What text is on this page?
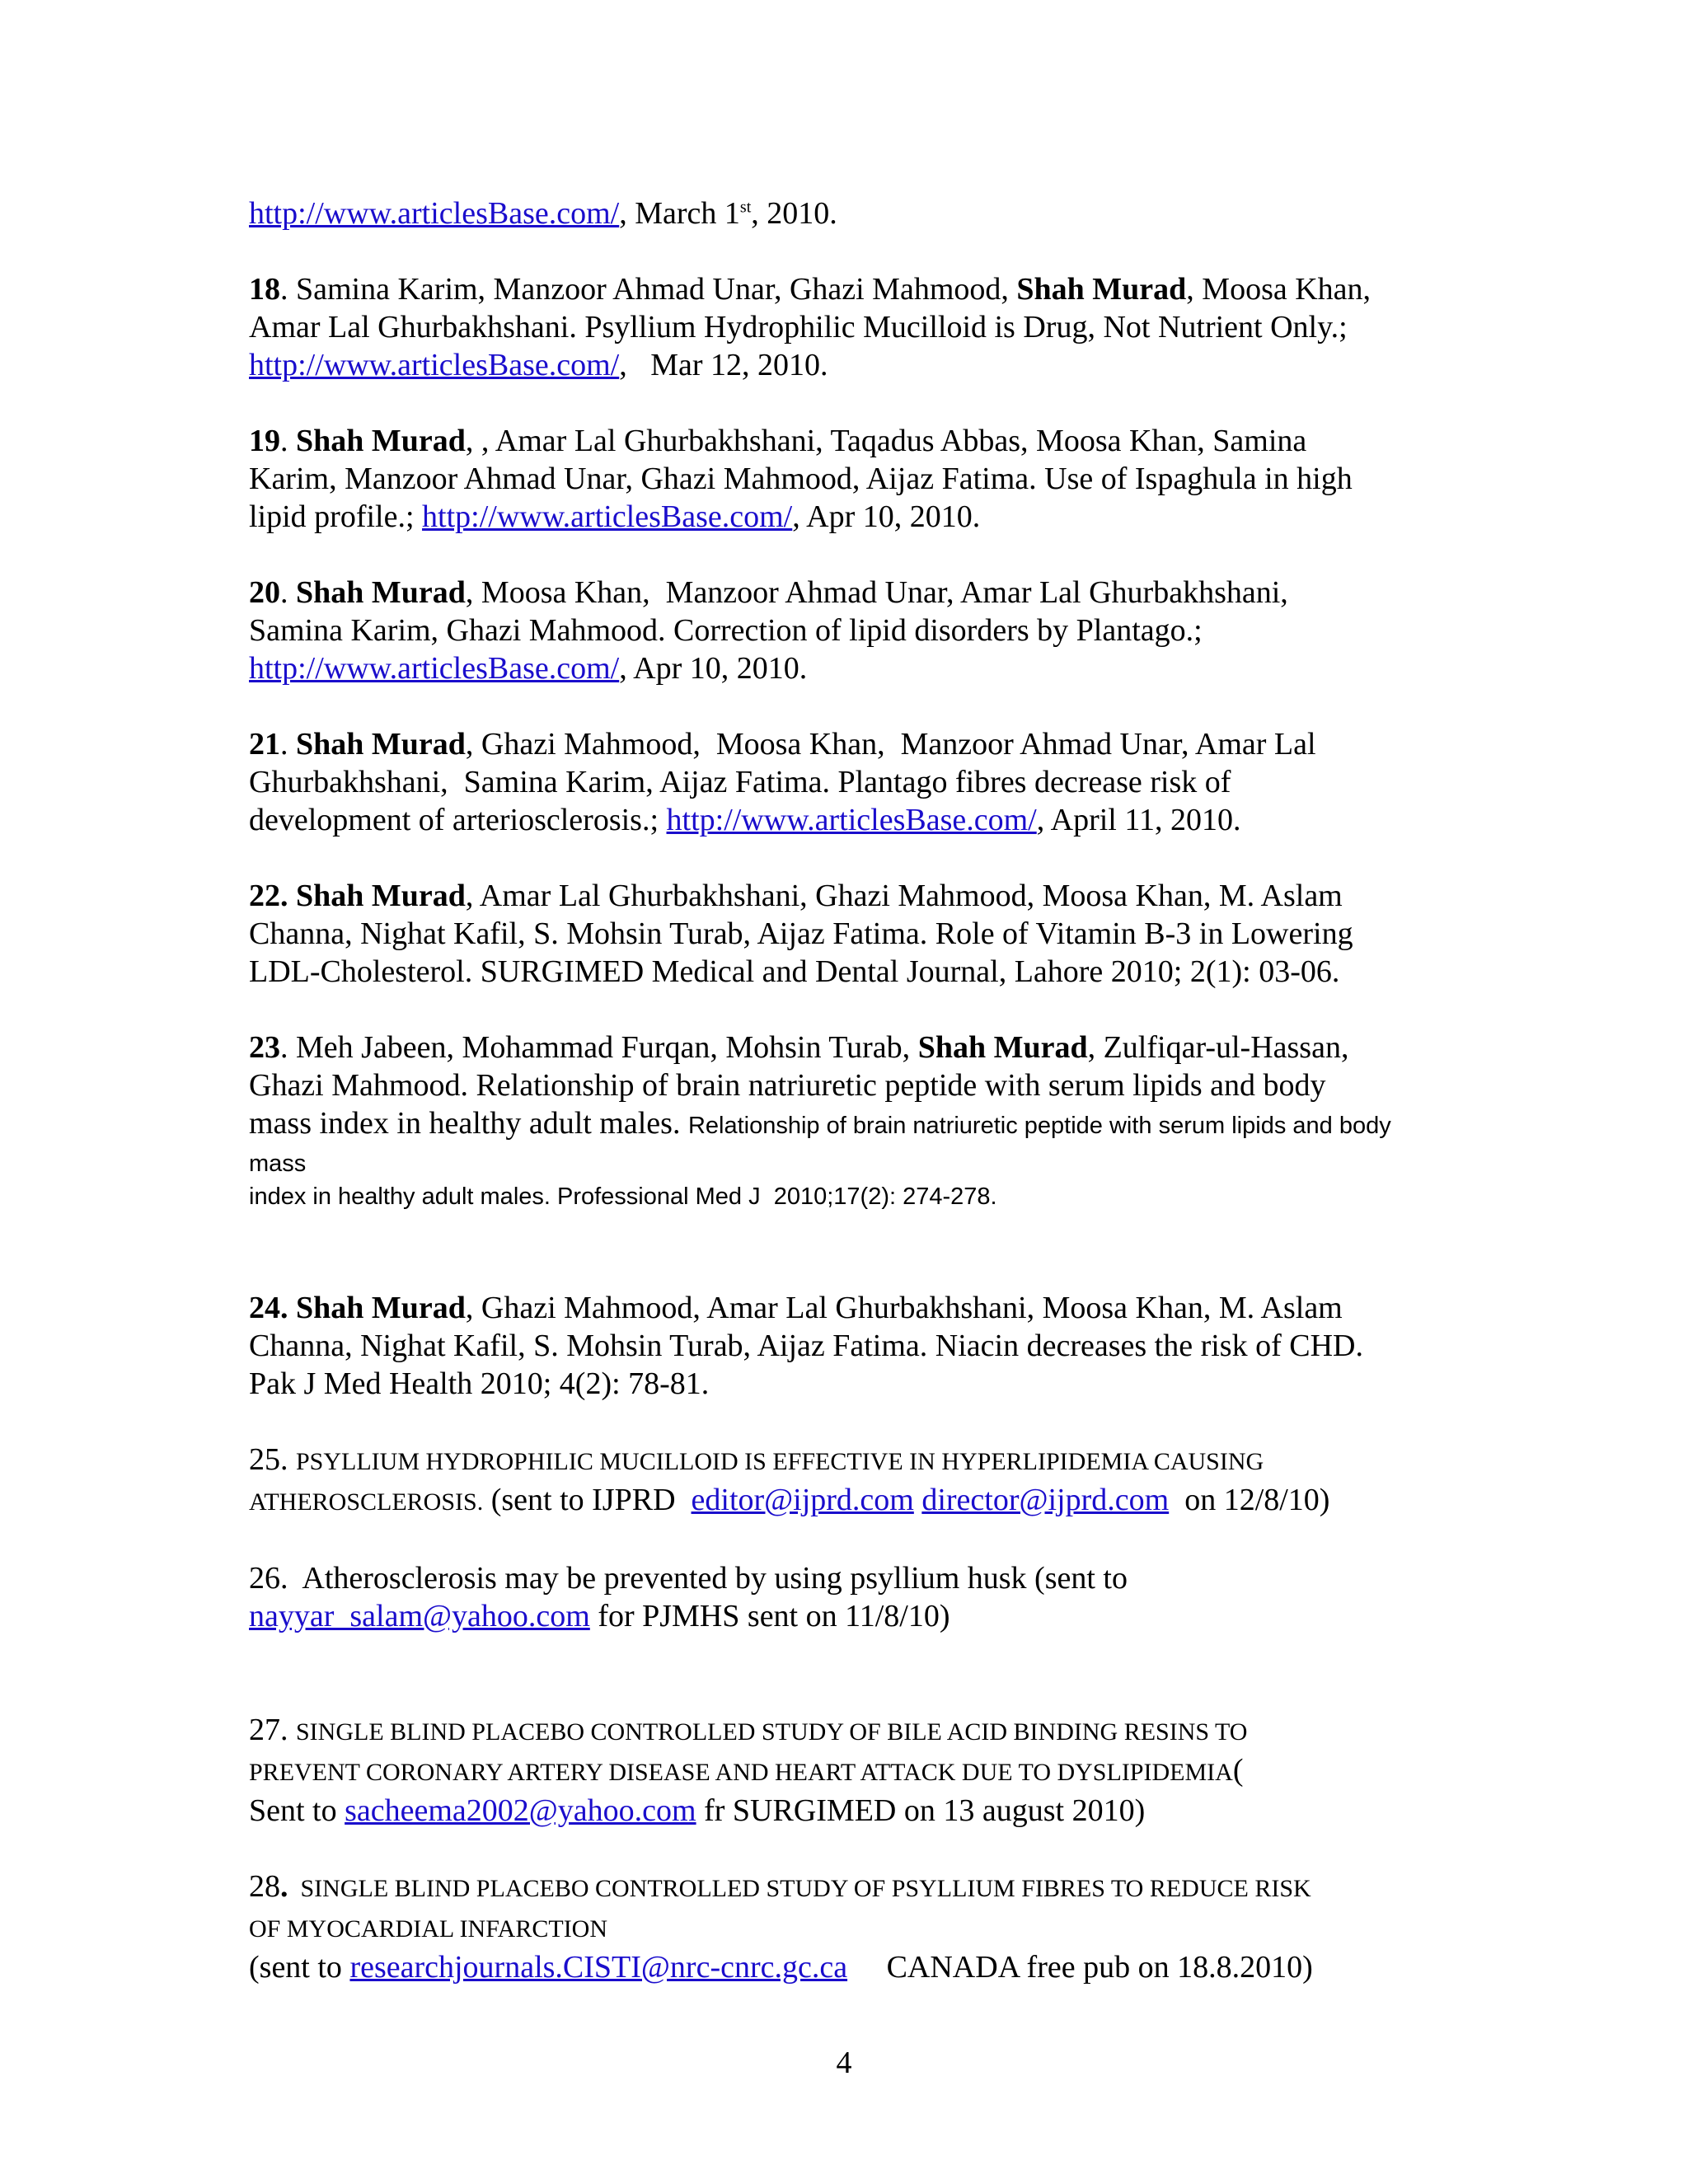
http://www.articlesBase.com/, March 1st, 2010.

18. Samina Karim, Manzoor Ahmad Unar, Ghazi Mahmood, Shah Murad, Moosa Khan,
Amar Lal Ghurbakhshani. Psyllium Hydrophilic Mucilloid is Drug, Not Nutrient Only.;
http://www.articlesBase.com/,   Mar 12, 2010.

19. Shah Murad, , Amar Lal Ghurbakhshani, Taqadus Abbas, Moosa Khan, Samina
Karim, Manzoor Ahmad Unar, Ghazi Mahmood, Aijaz Fatima. Use of Ispaghula in high
lipid profile.; http://www.articlesBase.com/, Apr 10, 2010.

20. Shah Murad, Moosa Khan,  Manzoor Ahmad Unar, Amar Lal Ghurbakhshani,
Samina Karim, Ghazi Mahmood. Correction of lipid disorders by Plantago.;
http://www.articlesBase.com/, Apr 10, 2010.

21. Shah Murad, Ghazi Mahmood,  Moosa Khan,  Manzoor Ahmad Unar, Amar Lal
Ghurbakhshani,  Samina Karim, Aijaz Fatima. Plantago fibres decrease risk of
development of arteriosclerosis.; http://www.articlesBase.com/, April 11, 2010.

22. Shah Murad, Amar Lal Ghurbakhshani, Ghazi Mahmood, Moosa Khan, M. Aslam
Channa, Nighat Kafil, S. Mohsin Turab, Aijaz Fatima. Role of Vitamin B-3 in Lowering
LDL-Cholesterol. SURGIMED Medical and Dental Journal, Lahore 2010; 2(1): 03-06.

23. Meh Jabeen, Mohammad Furqan, Mohsin Turab, Shah Murad, Zulfiqar-ul-Hassan,
Ghazi Mahmood. Relationship of brain natriuretic peptide with serum lipids and body
mass index in healthy adult males. Relationship of brain natriuretic peptide with serum lipids and body mass

index in healthy adult males. Professional Med J  2010;17(2): 274-278.

24. Shah Murad, Ghazi Mahmood, Amar Lal Ghurbakhshani, Moosa Khan, M. Aslam
Channa, Nighat Kafil, S. Mohsin Turab, Aijaz Fatima. Niacin decreases the risk of CHD.
Pak J Med Health 2010; 4(2): 78-81.

25. PSYLLIUM HYDROPHILIC MUCILLOID IS EFFECTIVE IN HYPERLIPIDEMIA CAUSING
ATHEROSCLEROSIS. (sent to IJPRD  editor@ijprd.com director@ijprd.com  on 12/8/10)

26.  Atherosclerosis may be prevented by using psyllium husk (sent to
nayyar_salam@yahoo.com for PJMHS sent on 11/8/10)

27. SINGLE BLIND PLACEBO CONTROLLED STUDY OF BILE ACID BINDING RESINS TO
PREVENT CORONARY ARTERY DISEASE AND HEART ATTACK DUE TO DYSLIPIDEMIA(
Sent to sacheema2002@yahoo.com fr SURGIMED on 13 august 2010)

28.  SINGLE BLIND PLACEBO CONTROLLED STUDY OF PSYLLIUM FIBRES TO REDUCE RISK
OF MYOCARDIAL INFARCTION
(sent to researchjournals.CISTI@nrc-cnrc.gc.ca     CANADA free pub on 18.8.2010)

4
